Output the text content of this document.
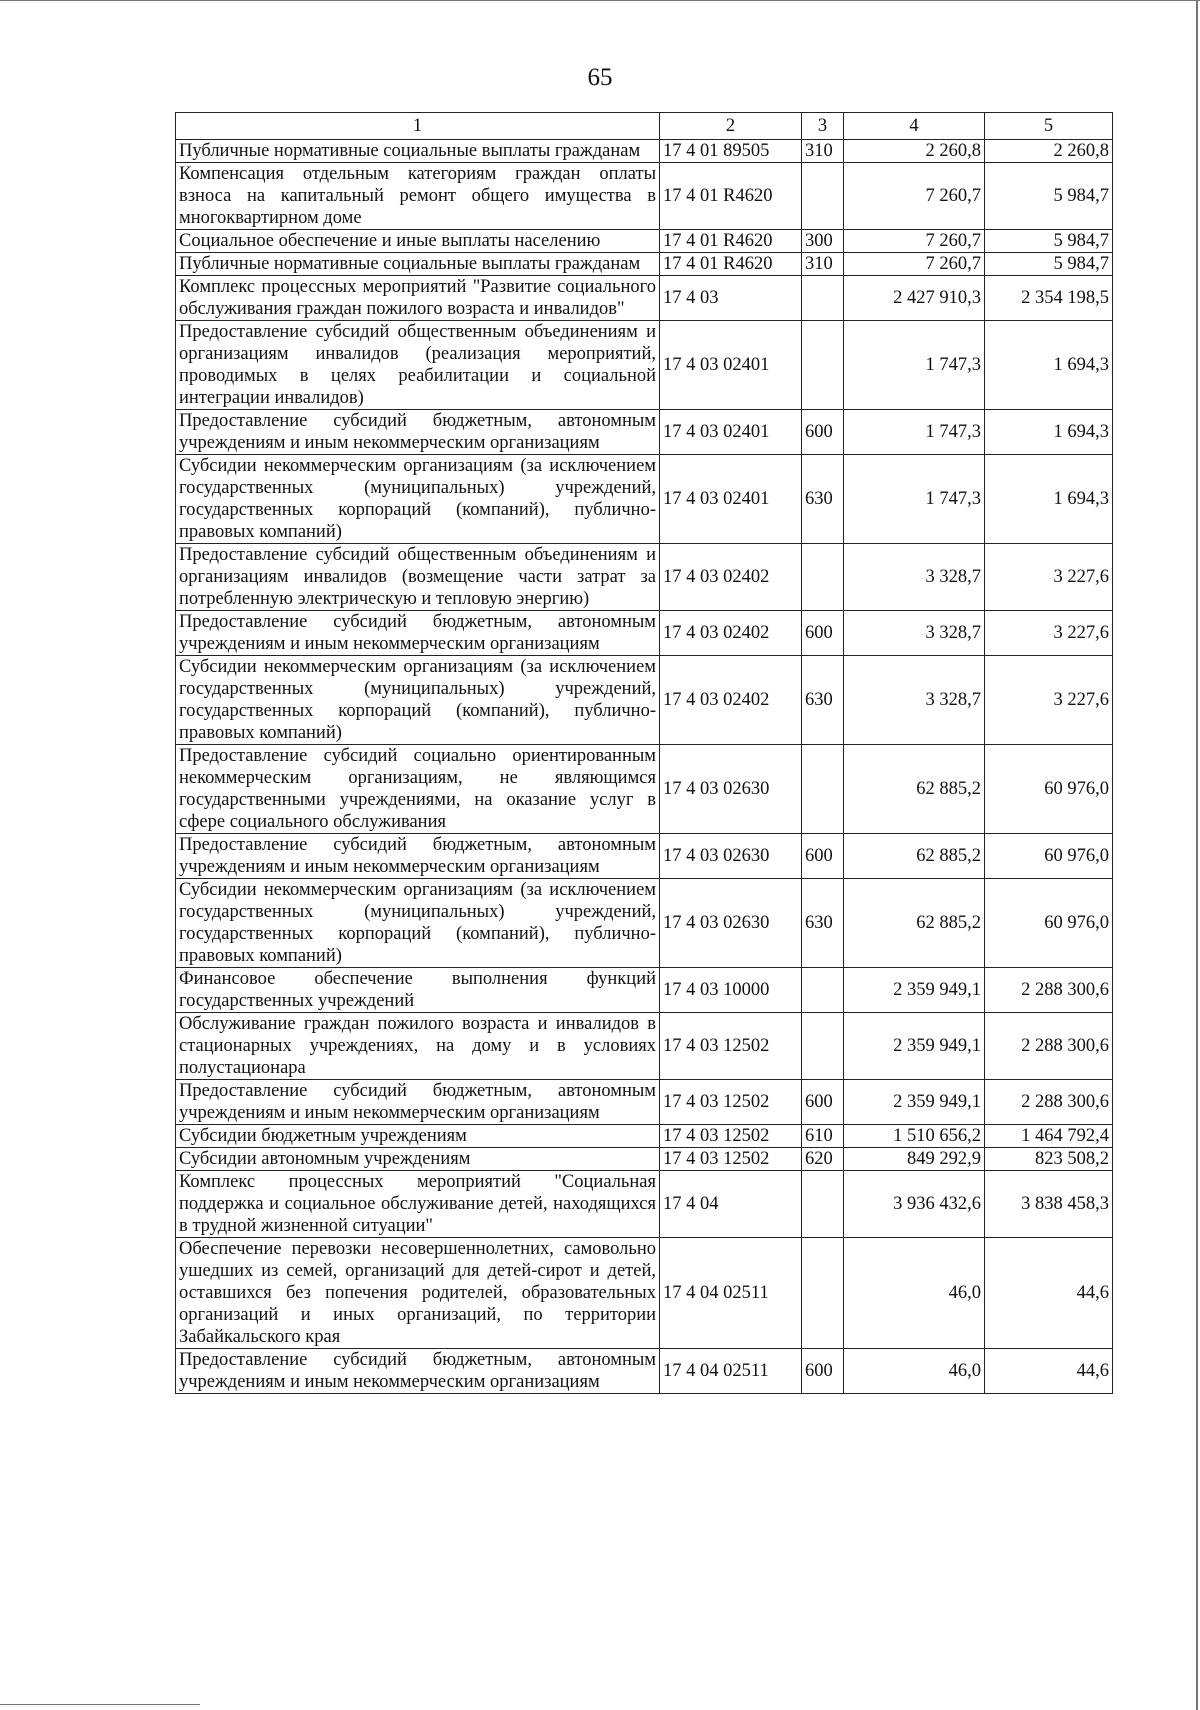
65
1	2	3	4	5
Публичные нормативные социальные выплаты гражданам	17 4 01 89505	310	2 260,8	2 260,8
Компенсация отдельным категориям граждан оплаты взноса на капитальный ремонт общего имущества в многоквартирном доме	17 4 01 R4620		7 260,7	5 984,7
Социальное обеспечение и иные выплаты населению	17 4 01 R4620	300	7 260,7	5 984,7
Публичные нормативные социальные выплаты гражданам	17 4 01 R4620	310	7 260,7	5 984,7
Комплекс процессных мероприятий "Развитие социального обслуживания граждан пожилого возраста и инвалидов"	17 4 03		2 427 910,3	2 354 198,5
Предоставление субсидий общественным объединениям и организациям инвалидов (реализация мероприятий, проводимых в целях реабилитации и социальной интеграции инвалидов)	17 4 03 02401		1 747,3	1 694,3
Предоставление субсидий бюджетным, автономным учреждениям и иным некоммерческим организациям	17 4 03 02401	600	1 747,3	1 694,3
Субсидии некоммерческим организациям (за исключением государственных (муниципальных) учреждений, государственных корпораций (компаний), публично-правовых компаний)	17 4 03 02401	630	1 747,3	1 694,3
Предоставление субсидий общественным объединениям и организациям инвалидов (возмещение части затрат за потребленную электрическую и тепловую энергию)	17 4 03 02402		3 328,7	3 227,6
Предоставление субсидий бюджетным, автономным учреждениям и иным некоммерческим организациям	17 4 03 02402	600	3 328,7	3 227,6
Субсидии некоммерческим организациям (за исключением государственных (муниципальных) учреждений, государственных корпораций (компаний), публично-правовых компаний)	17 4 03 02402	630	3 328,7	3 227,6
Предоставление субсидий социально ориентированным некоммерческим организациям, не являющимся государственными учреждениями, на оказание услуг в сфере социального обслуживания	17 4 03 02630		62 885,2	60 976,0
Предоставление субсидий бюджетным, автономным учреждениям и иным некоммерческим организациям	17 4 03 02630	600	62 885,2	60 976,0
Субсидии некоммерческим организациям (за исключением государственных (муниципальных) учреждений, государственных корпораций (компаний), публично-правовых компаний)	17 4 03 02630	630	62 885,2	60 976,0
Финансовое обеспечение выполнения функций государственных учреждений	17 4 03 10000		2 359 949,1	2 288 300,6
Обслуживание граждан пожилого возраста и инвалидов в стационарных учреждениях, на дому и в условиях полустационара	17 4 03 12502		2 359 949,1	2 288 300,6
Предоставление субсидий бюджетным, автономным учреждениям и иным некоммерческим организациям	17 4 03 12502	600	2 359 949,1	2 288 300,6
Субсидии бюджетным учреждениям	17 4 03 12502	610	1 510 656,2	1 464 792,4
Субсидии автономным учреждениям	17 4 03 12502	620	849 292,9	823 508,2
Комплекс процессных мероприятий "Социальная поддержка и социальное обслуживание детей, находящихся в трудной жизненной ситуации"	17 4 04		3 936 432,6	3 838 458,3
Обеспечение перевозки несовершеннолетних, самовольно ушедших из семей, организаций для детей-сирот и детей, оставшихся без попечения родителей, образовательных организаций и иных организаций, по территории Забайкальского края	17 4 04 02511		46,0	44,6
Предоставление субсидий бюджетным, автономным учреждениям и иным некоммерческим организациям	17 4 04 02511	600	46,0	44,6
